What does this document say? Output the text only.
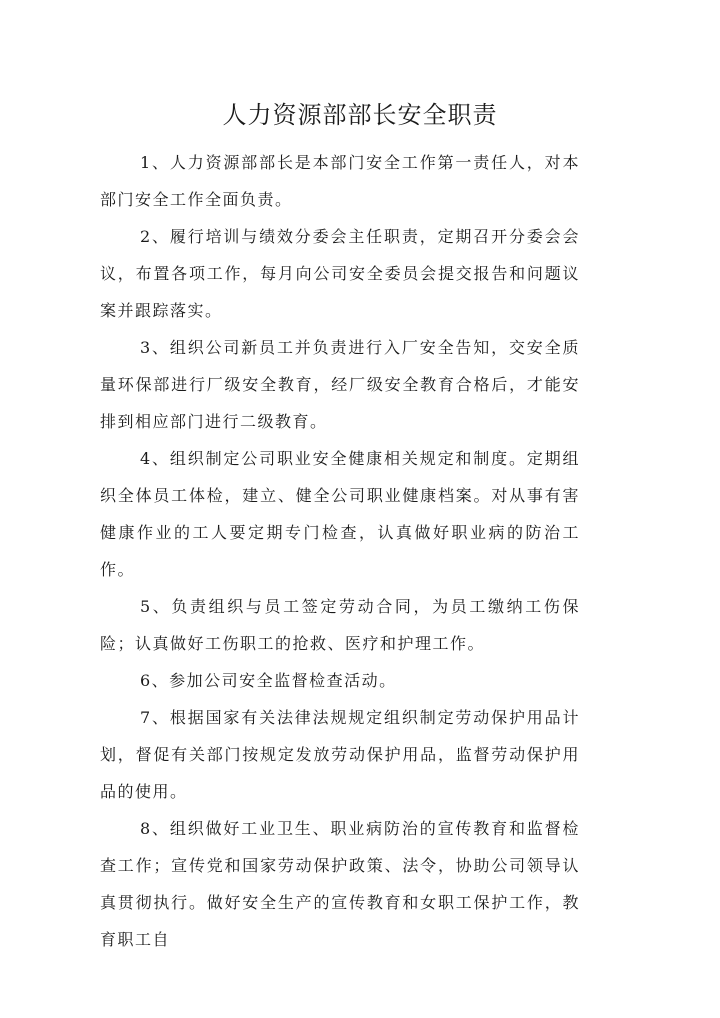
人力资源部部长安全职责

1、人力资源部部长是本部门安全工作第一责任人，对本部门安全工作全面负责。

2、履行培训与绩效分委会主任职责，定期召开分委会会议，布置各项工作，每月向公司安全委员会提交报告和问题议案并跟踪落实。

3、组织公司新员工并负责进行入厂安全告知，交安全质量环保部进行厂级安全教育，经厂级安全教育合格后，才能安排到相应部门进行二级教育。

4、组织制定公司职业安全健康相关规定和制度。定期组织全体员工体检，建立、健全公司职业健康档案。对从事有害健康作业的工人要定期专门检查，认真做好职业病的防治工作。

5、负责组织与员工签定劳动合同，为员工缴纳工伤保险；认真做好工伤职工的抢救、医疗和护理工作。

6、参加公司安全监督检查活动。

7、根据国家有关法律法规规定组织制定劳动保护用品计划，督促有关部门按规定发放劳动保护用品，监督劳动保护用品的使用。

8、组织做好工业卫生、职业病防治的宣传教育和监督检查工作；宣传党和国家劳动保护政策、法令，协助公司领导认真贯彻执行。做好安全生产的宣传教育和女职工保护工作，教育职工自
